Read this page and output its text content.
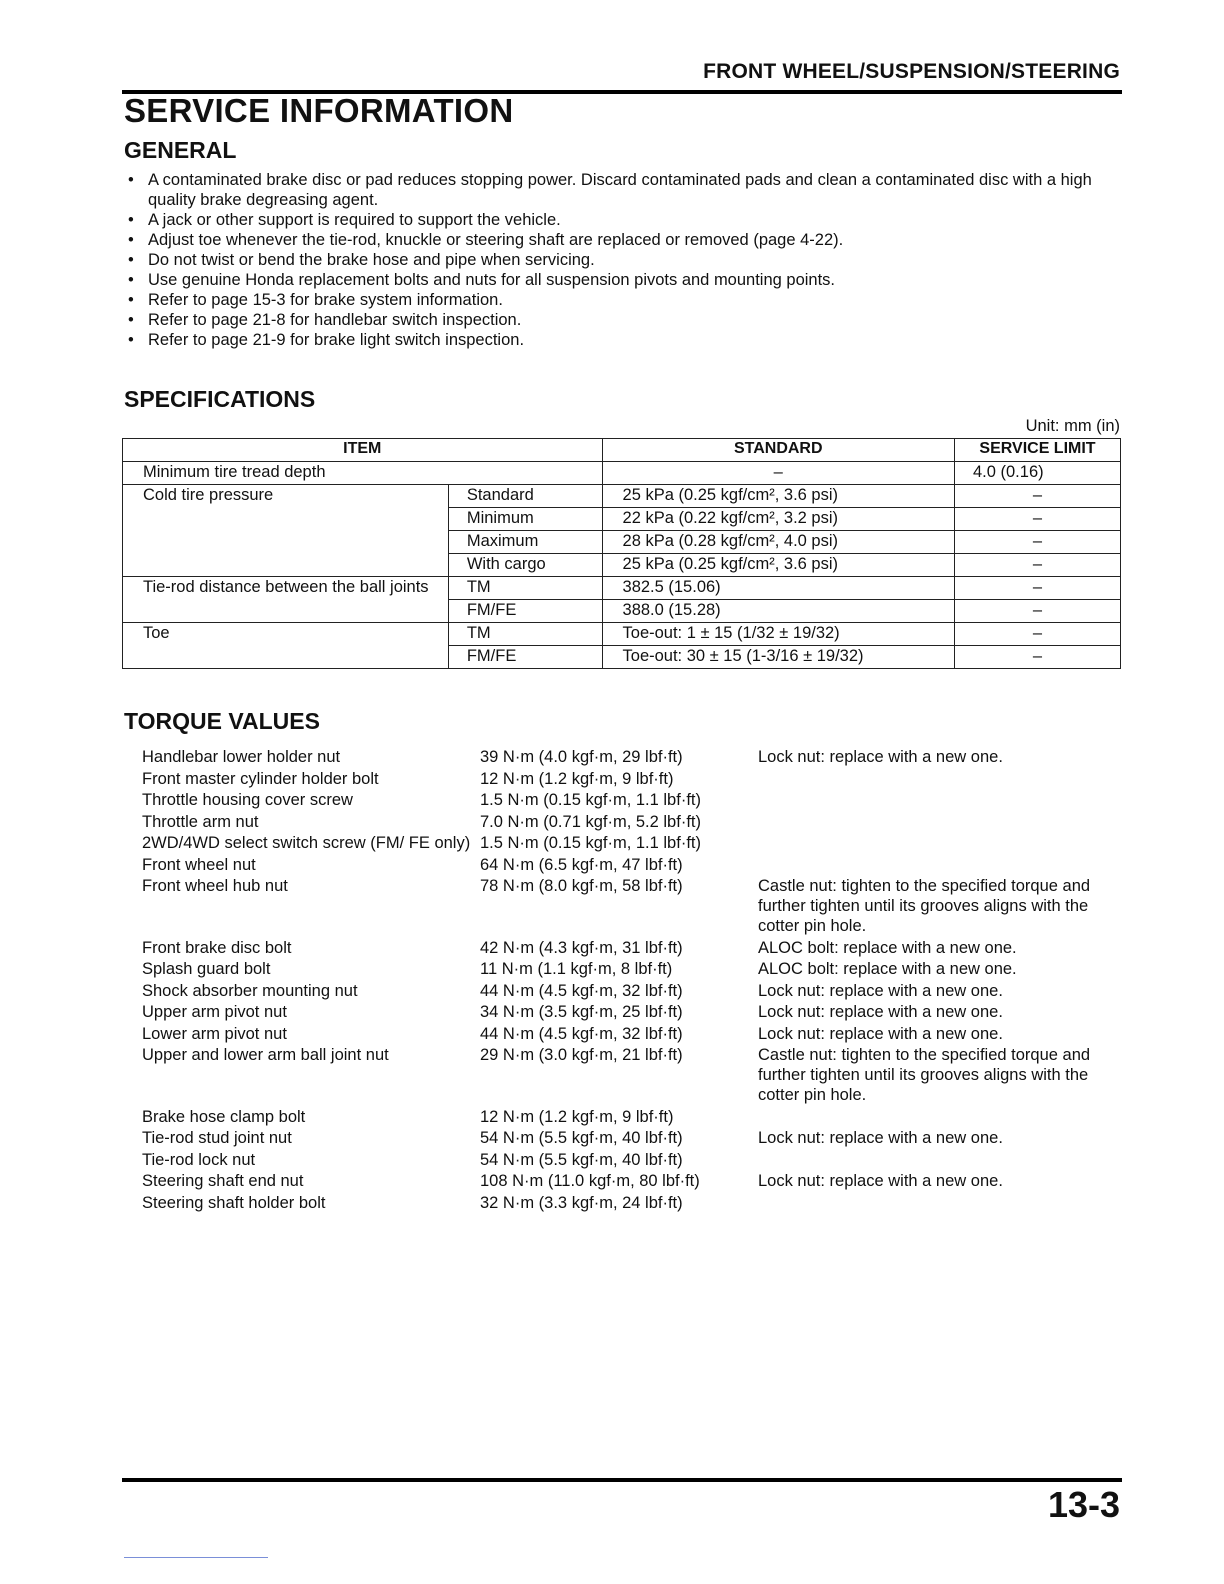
FRONT WHEEL/SUSPENSION/STEERING
SERVICE INFORMATION
GENERAL
• A contaminated brake disc or pad reduces stopping power. Discard contaminated pads and clean a contaminated disc with a high quality brake degreasing agent.
• A jack or other support is required to support the vehicle.
• Adjust toe whenever the tie-rod, knuckle or steering shaft are replaced or removed (page 4-22).
• Do not twist or bend the brake hose and pipe when servicing.
• Use genuine Honda replacement bolts and nuts for all suspension pivots and mounting points.
• Refer to page 15-3 for brake system information.
• Refer to page 21-8 for handlebar switch inspection.
• Refer to page 21-9 for brake light switch inspection.
SPECIFICATIONS
Unit: mm (in)
ITEM		STANDARD	SERVICE LIMIT
Minimum tire tread depth		–	4.0 (0.16)
Cold tire pressure	Standard	25 kPa (0.25 kgf/cm², 3.6 psi)	–
	Minimum	22 kPa (0.22 kgf/cm², 3.2 psi)	–
	Maximum	28 kPa (0.28 kgf/cm², 4.0 psi)	–
	With cargo	25 kPa (0.25 kgf/cm², 3.6 psi)	–
Tie-rod distance between the ball joints	TM	382.5 (15.06)	–
	FM/FE	388.0 (15.28)	–
Toe	TM	Toe-out: 1 ± 15 (1/32 ± 19/32)	–
	FM/FE	Toe-out: 30 ± 15 (1-3/16 ± 19/32)	–
TORQUE VALUES
Handlebar lower holder nut	39 N·m (4.0 kgf·m, 29 lbf·ft)	Lock nut: replace with a new one.
Front master cylinder holder bolt	12 N·m (1.2 kgf·m, 9 lbf·ft)
Throttle housing cover screw	1.5 N·m (0.15 kgf·m, 1.1 lbf·ft)
Throttle arm nut	7.0 N·m (0.71 kgf·m, 5.2 lbf·ft)
2WD/4WD select switch screw (FM/ FE only) 1.5 N·m (0.15 kgf·m, 1.1 lbf·ft)
Front wheel nut	64 N·m (6.5 kgf·m, 47 lbf·ft)
Front wheel hub nut	78 N·m (8.0 kgf·m, 58 lbf·ft)	Castle nut: tighten to the specified torque and further tighten until its grooves aligns with the cotter pin hole.
Front brake disc bolt	42 N·m (4.3 kgf·m, 31 lbf·ft)	ALOC bolt: replace with a new one.
Splash guard bolt	11 N·m (1.1 kgf·m, 8 lbf·ft)	ALOC bolt: replace with a new one.
Shock absorber mounting nut	44 N·m (4.5 kgf·m, 32 lbf·ft)	Lock nut: replace with a new one.
Upper arm pivot nut	34 N·m (3.5 kgf·m, 25 lbf·ft)	Lock nut: replace with a new one.
Lower arm pivot nut	44 N·m (4.5 kgf·m, 32 lbf·ft)	Lock nut: replace with a new one.
Upper and lower arm ball joint nut	29 N·m (3.0 kgf·m, 21 lbf·ft)	Castle nut: tighten to the specified torque and further tighten until its grooves aligns with the cotter pin hole.
Brake hose clamp bolt	12 N·m (1.2 kgf·m, 9 lbf·ft)
Tie-rod stud joint nut	54 N·m (5.5 kgf·m, 40 lbf·ft)	Lock nut: replace with a new one.
Tie-rod lock nut	54 N·m (5.5 kgf·m, 40 lbf·ft)
Steering shaft end nut	108 N·m (11.0 kgf·m, 80 lbf·ft)	Lock nut: replace with a new one.
Steering shaft holder bolt	32 N·m (3.3 kgf·m, 24 lbf·ft)
13-3
